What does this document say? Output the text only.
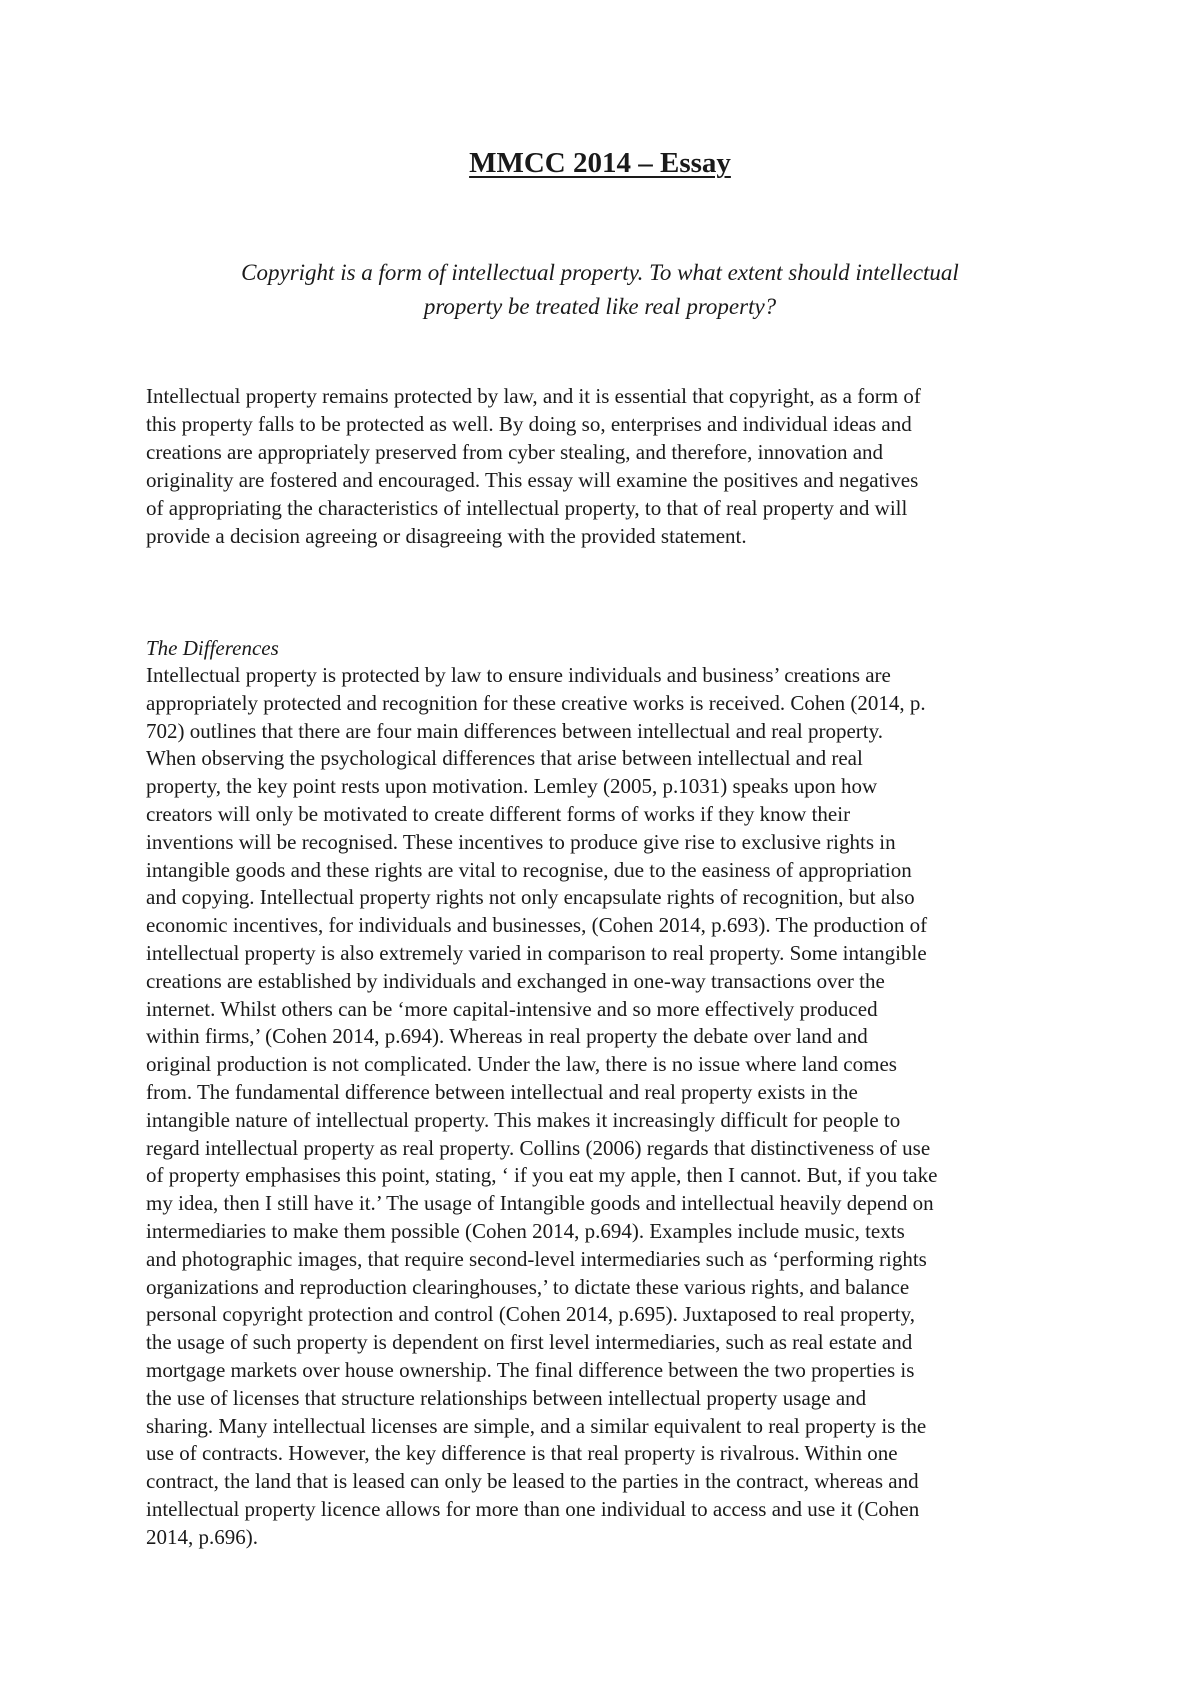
MMCC 2014 – Essay

Copyright is a form of intellectual property. To what extent should intellectual
property be treated like real property?

Intellectual property remains protected by law, and it is essential that copyright, as a form of
this property falls to be protected as well. By doing so, enterprises and individual ideas and
creations are appropriately preserved from cyber stealing, and therefore, innovation and
originality are fostered and encouraged. This essay will examine the positives and negatives
of appropriating the characteristics of intellectual property, to that of real property and will
provide a decision agreeing or disagreeing with the provided statement.

The Differences

Intellectual property is protected by law to ensure individuals and business’ creations are
appropriately protected and recognition for these creative works is received. Cohen (2014, p.
702) outlines that there are four main differences between intellectual and real property.
When observing the psychological differences that arise between intellectual and real
property, the key point rests upon motivation. Lemley (2005, p.1031) speaks upon how
creators will only be motivated to create different forms of works if they know their
inventions will be recognised. These incentives to produce give rise to exclusive rights in
intangible goods and these rights are vital to recognise, due to the easiness of appropriation
and copying. Intellectual property rights not only encapsulate rights of recognition, but also
economic incentives, for individuals and businesses, (Cohen 2014, p.693). The production of
intellectual property is also extremely varied in comparison to real property. Some intangible
creations are established by individuals and exchanged in one-way transactions over the
internet. Whilst others can be ‘more capital-intensive and so more effectively produced
within firms,’ (Cohen 2014, p.694). Whereas in real property the debate over land and
original production is not complicated. Under the law, there is no issue where land comes
from. The fundamental difference between intellectual and real property exists in the
intangible nature of intellectual property. This makes it increasingly difficult for people to
regard intellectual property as real property. Collins (2006) regards that distinctiveness of use
of property emphasises this point, stating, ‘ if you eat my apple, then I cannot. But, if you take
my idea, then I still have it.’ The usage of Intangible goods and intellectual heavily depend on
intermediaries to make them possible (Cohen 2014, p.694). Examples include music, texts
and photographic images, that require second-level intermediaries such as ‘performing rights
organizations and reproduction clearinghouses,’ to dictate these various rights, and balance
personal copyright protection and control (Cohen 2014, p.695). Juxtaposed to real property,
the usage of such property is dependent on first level intermediaries, such as real estate and
mortgage markets over house ownership. The final difference between the two properties is
the use of licenses that structure relationships between intellectual property usage and
sharing. Many intellectual licenses are simple, and a similar equivalent to real property is the
use of contracts. However, the key difference is that real property is rivalrous. Within one
contract, the land that is leased can only be leased to the parties in the contract, whereas and
intellectual property licence allows for more than one individual to access and use it (Cohen
2014, p.696).
